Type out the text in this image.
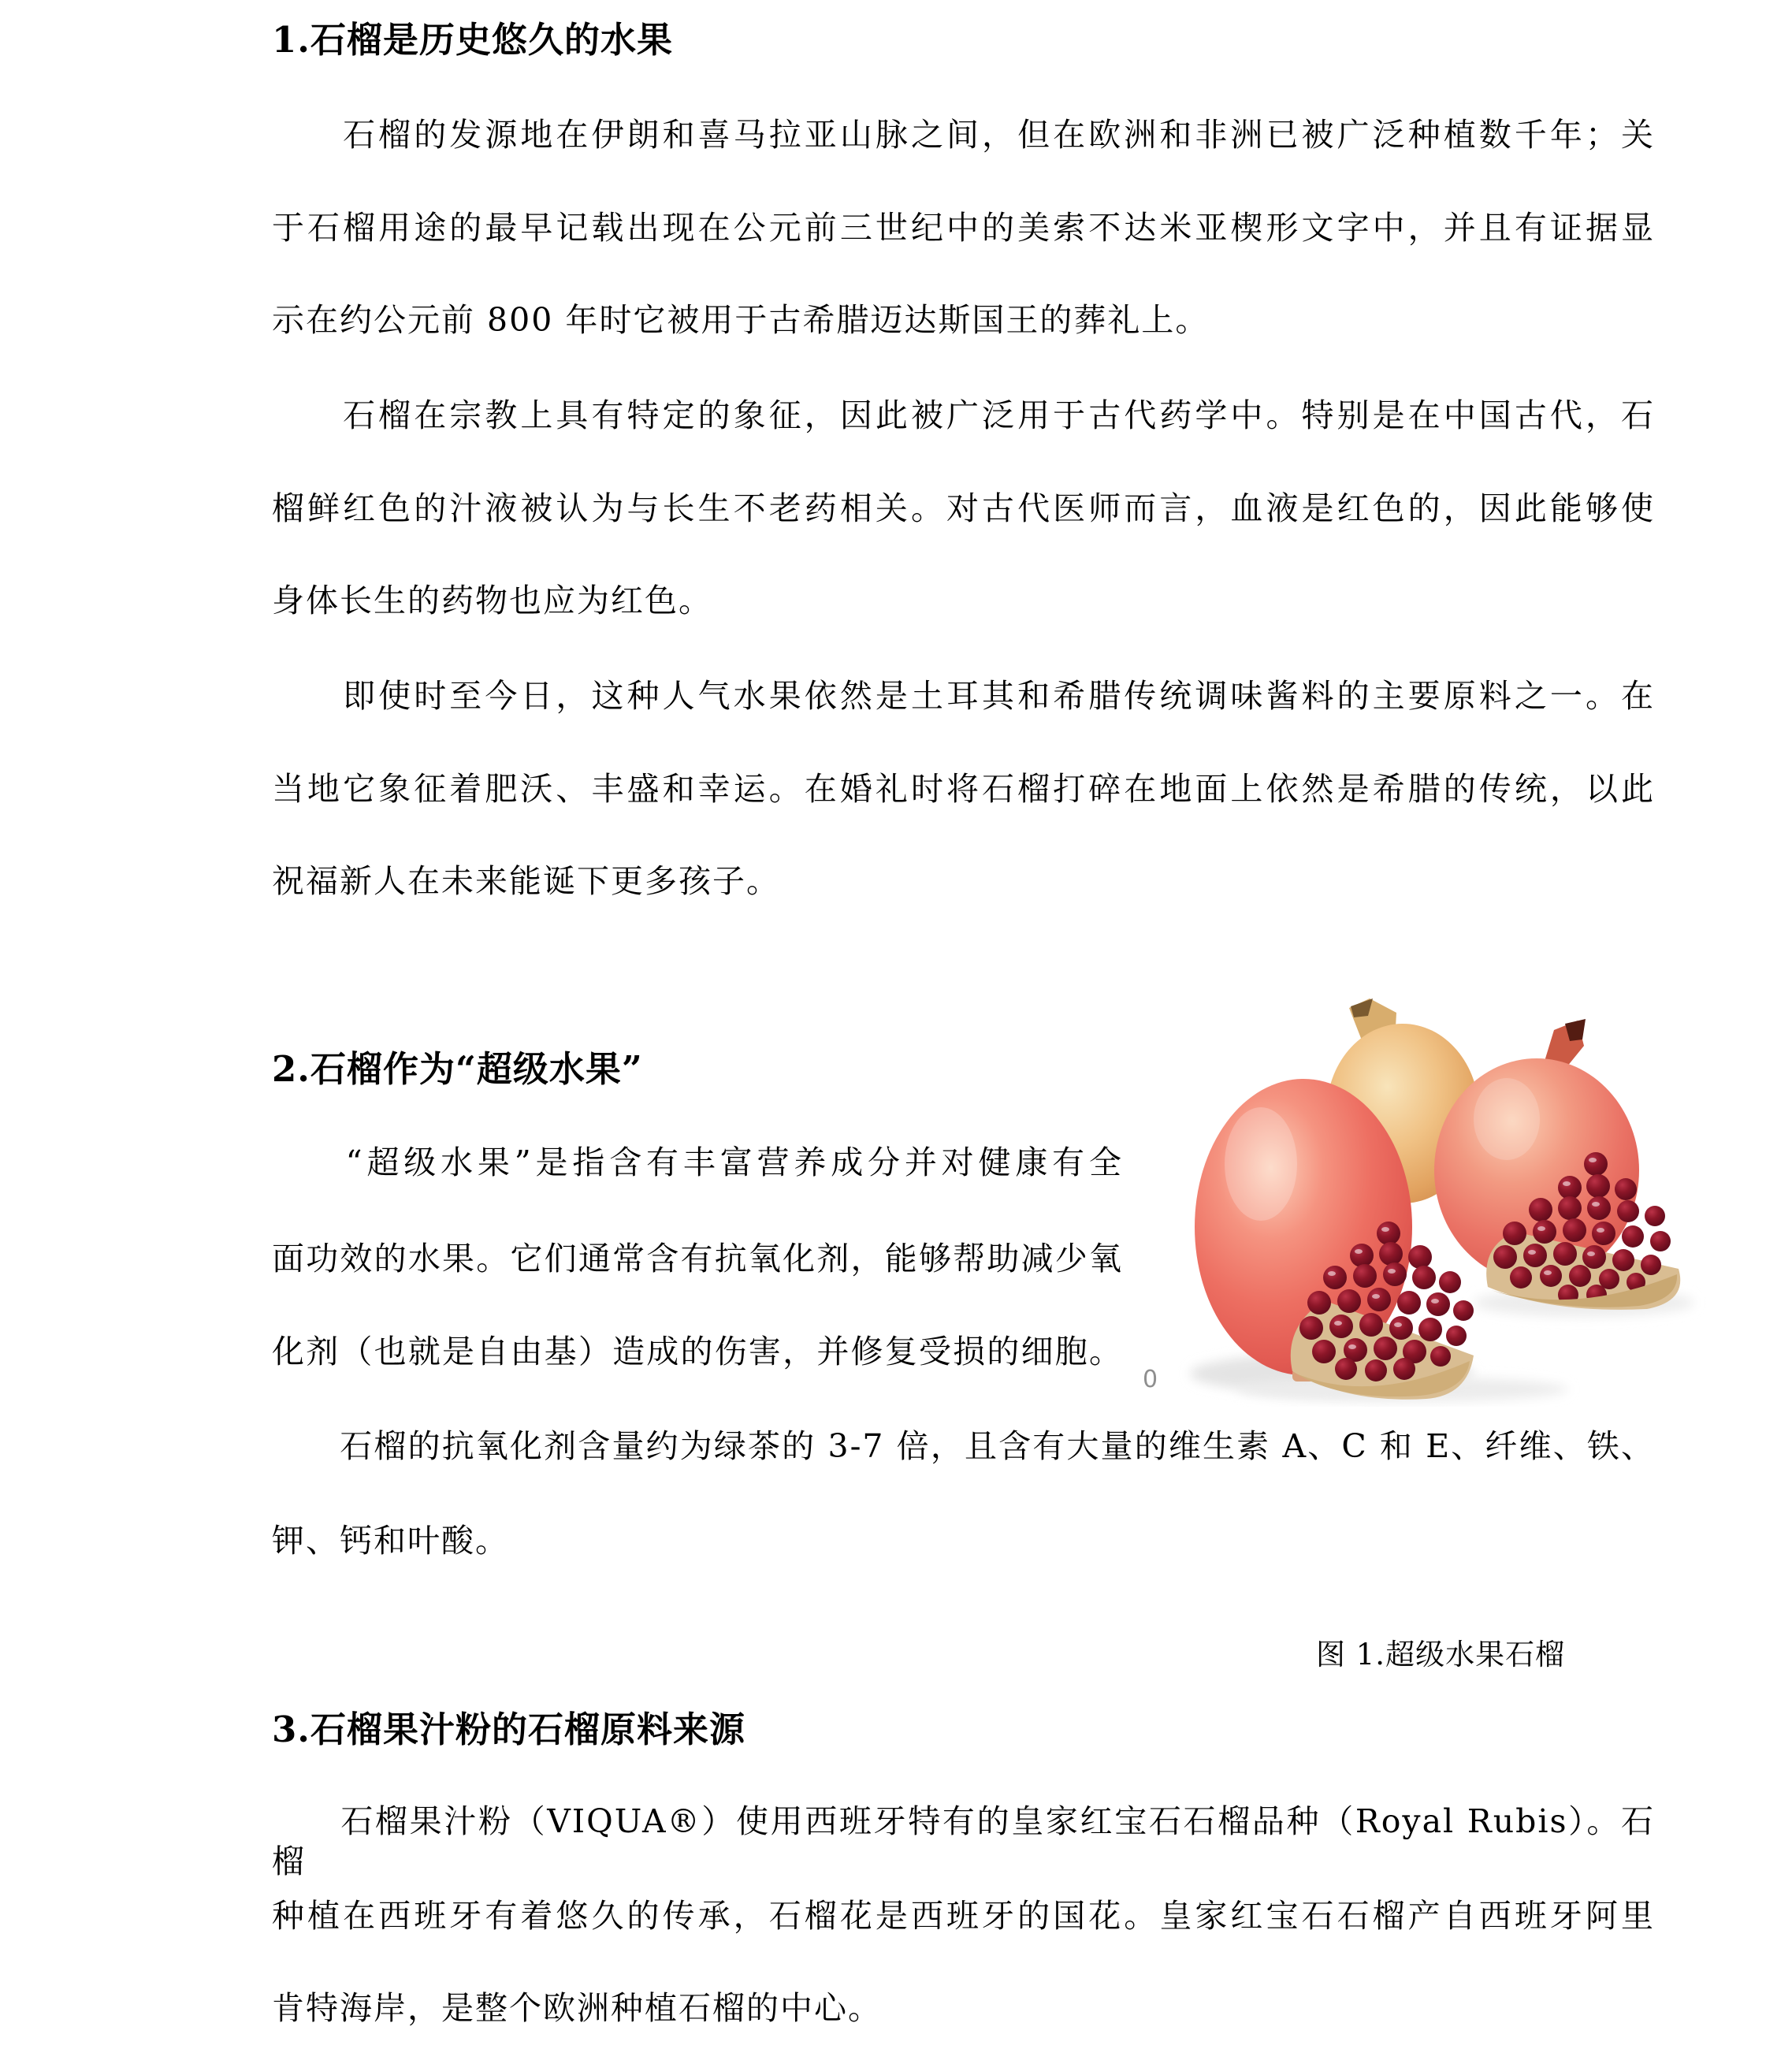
1.石榴是历史悠久的水果

　　石榴的发源地在伊朗和喜马拉亚山脉之间，但在欧洲和非洲已被广泛种植数千年；关

于石榴用途的最早记载出现在公元前三世纪中的美索不达米亚楔形文字中，并且有证据显

示在约公元前 800 年时它被用于古希腊迈达斯国王的葬礼上。

　　石榴在宗教上具有特定的象征，因此被广泛用于古代药学中。特别是在中国古代，石

榴鲜红色的汁液被认为与长生不老药相关。对古代医师而言，血液是红色的，因此能够使

身体长生的药物也应为红色。

　　即使时至今日，这种人气水果依然是土耳其和希腊传统调味酱料的主要原料之一。在

当地它象征着肥沃、丰盛和幸运。在婚礼时将石榴打碎在地面上依然是希腊的传统，以此

祝福新人在未来能诞下更多孩子。

2.石榴作为“超级水果”

　　“超级水果”是指含有丰富营养成分并对健康有全

面功效的水果。它们通常含有抗氧化剂，能够帮助减少氧

化剂（也就是自由基）造成的伤害，并修复受损的细胞。

　　石榴的抗氧化剂含量约为绿茶的 3-7 倍，且含有大量的维生素 A、C 和 E、纤维、铁、

钾、钙和叶酸。

0

图 1.超级水果石榴

3.石榴果汁粉的石榴原料来源

　　石榴果汁粉（VIQUA®）使用西班牙特有的皇家红宝石石榴品种（Royal Rubis）。石榴

种植在西班牙有着悠久的传承，石榴花是西班牙的国花。皇家红宝石石榴产自西班牙阿里

肯特海岸，是整个欧洲种植石榴的中心。
